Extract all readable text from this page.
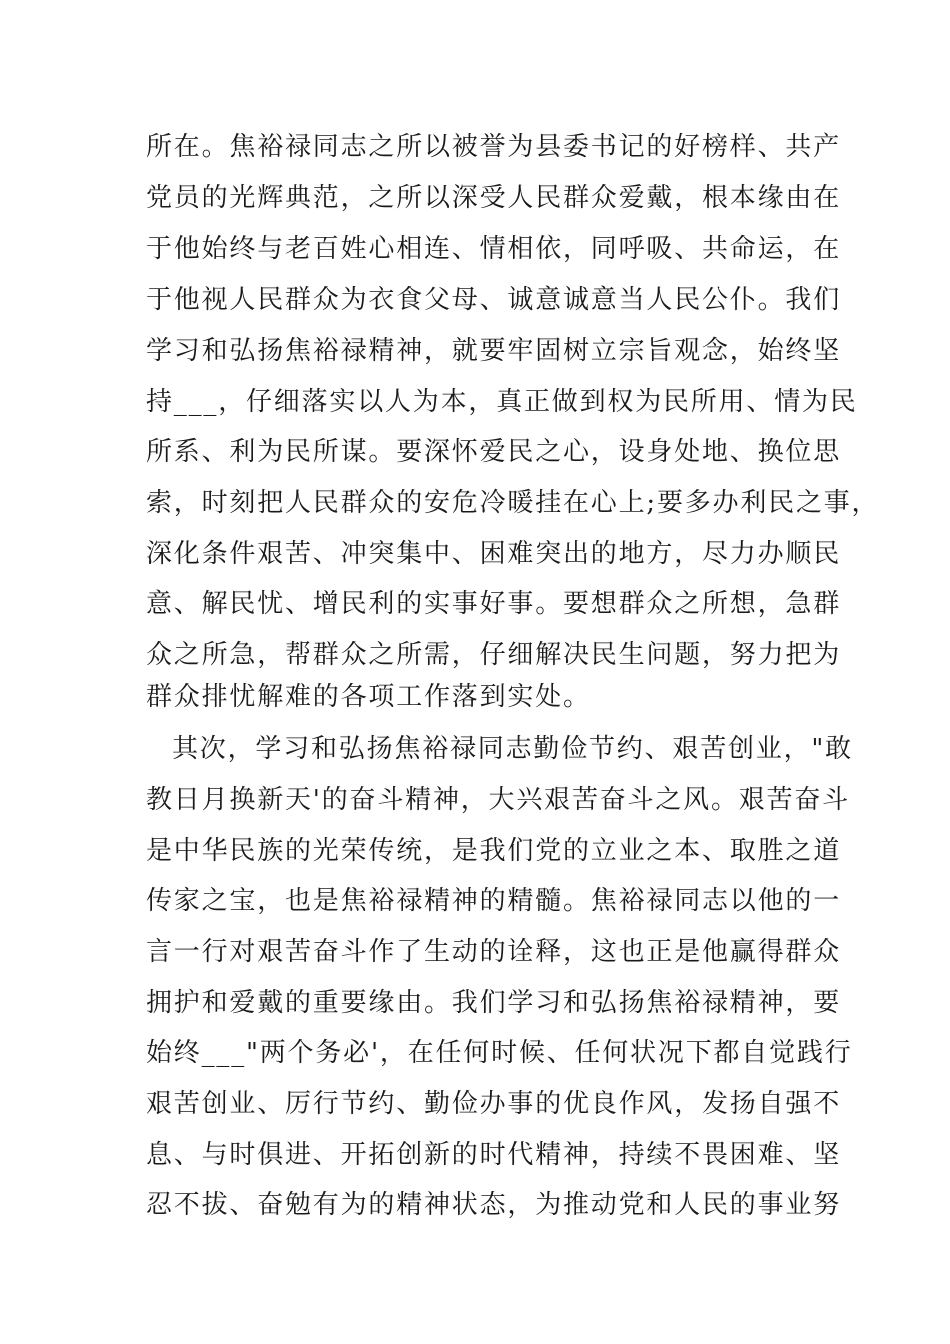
所在。焦裕禄同志之所以被誉为县委书记的好榜样、共产
党员的光辉典范，之所以深受人民群众爱戴，根本缘由在
于他始终与老百姓心相连、情相依，同呼吸、共命运，在
于他视人民群众为衣食父母、诚意诚意当人民公仆。我们
学习和弘扬焦裕禄精神，就要牢固树立宗旨观念，始终坚
持___，仔细落实以人为本，真正做到权为民所用、情为民
所系、利为民所谋。要深怀爱民之心，设身处地、换位思
索，时刻把人民群众的安危冷暖挂在心上;要多办利民之事，
深化条件艰苦、冲突集中、困难突出的地方，尽力办顺民
意、解民忧、增民利的实事好事。要想群众之所想，急群
众之所急，帮群众之所需，仔细解决民生问题，努力把为
群众排忧解难的各项工作落到实处。
其次，学习和弘扬焦裕禄同志勤俭节约、艰苦创业，"敢
教日月换新天'的奋斗精神，大兴艰苦奋斗之风。艰苦奋斗
是中华民族的光荣传统，是我们党的立业之本、取胜之道
传家之宝，也是焦裕禄精神的精髓。焦裕禄同志以他的一
言一行对艰苦奋斗作了生动的诠释，这也正是他赢得群众
拥护和爱戴的重要缘由。我们学习和弘扬焦裕禄精神，要
始终___"两个务必'，在任何时候、任何状况下都自觉践行
艰苦创业、厉行节约、勤俭办事的优良作风，发扬自强不
息、与时俱进、开拓创新的时代精神，持续不畏困难、坚
忍不拔、奋勉有为的精神状态，为推动党和人民的事业努
